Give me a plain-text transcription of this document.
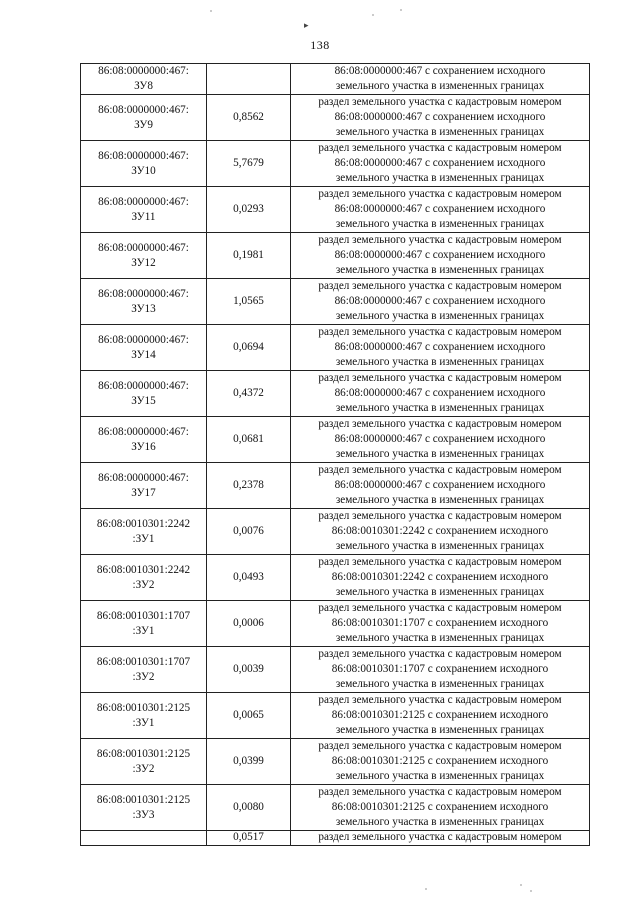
▸
138
86:08:0000000:467:
ЗУ8		86:08:0000000:467 с сохранением исходного
земельного участка в измененных границах

86:08:0000000:467:
ЗУ9	0,8562	раздел земельного участка с кадастровым номером
86:08:0000000:467 с сохранением исходного
земельного участка в измененных границах

86:08:0000000:467:
ЗУ10	5,7679	раздел земельного участка с кадастровым номером
86:08:0000000:467 с сохранением исходного
земельного участка в измененных границах

86:08:0000000:467:
ЗУ11	0,0293	раздел земельного участка с кадастровым номером
86:08:0000000:467 с сохранением исходного
земельного участка в измененных границах

86:08:0000000:467:
ЗУ12	0,1981	раздел земельного участка с кадастровым номером
86:08:0000000:467 с сохранением исходного
земельного участка в измененных границах

86:08:0000000:467:
ЗУ13	1,0565	раздел земельного участка с кадастровым номером
86:08:0000000:467 с сохранением исходного
земельного участка в измененных границах

86:08:0000000:467:
ЗУ14	0,0694	раздел земельного участка с кадастровым номером
86:08:0000000:467 с сохранением исходного
земельного участка в измененных границах

86:08:0000000:467:
ЗУ15	0,4372	раздел земельного участка с кадастровым номером
86:08:0000000:467 с сохранением исходного
земельного участка в измененных границах

86:08:0000000:467:
ЗУ16	0,0681	раздел земельного участка с кадастровым номером
86:08:0000000:467 с сохранением исходного
земельного участка в измененных границах

86:08:0000000:467:
ЗУ17	0,2378	раздел земельного участка с кадастровым номером
86:08:0000000:467 с сохранением исходного
земельного участка в измененных границах

86:08:0010301:2242
:ЗУ1	0,0076	раздел земельного участка с кадастровым номером
86:08:0010301:2242 с сохранением исходного
земельного участка в измененных границах

86:08:0010301:2242
:ЗУ2	0,0493	раздел земельного участка с кадастровым номером
86:08:0010301:2242 с сохранением исходного
земельного участка в измененных границах

86:08:0010301:1707
:ЗУ1	0,0006	раздел земельного участка с кадастровым номером
86:08:0010301:1707 с сохранением исходного
земельного участка в измененных границах

86:08:0010301:1707
:ЗУ2	0,0039	раздел земельного участка с кадастровым номером
86:08:0010301:1707 с сохранением исходного
земельного участка в измененных границах

86:08:0010301:2125
:ЗУ1	0,0065	раздел земельного участка с кадастровым номером
86:08:0010301:2125 с сохранением исходного
земельного участка в измененных границах

86:08:0010301:2125
:ЗУ2	0,0399	раздел земельного участка с кадастровым номером
86:08:0010301:2125 с сохранением исходного
земельного участка в измененных границах

86:08:0010301:2125
:ЗУ3	0,0080	раздел земельного участка с кадастровым номером
86:08:0010301:2125 с сохранением исходного
земельного участка в измененных границах

	0,0517	раздел земельного участка с кадастровым номером
